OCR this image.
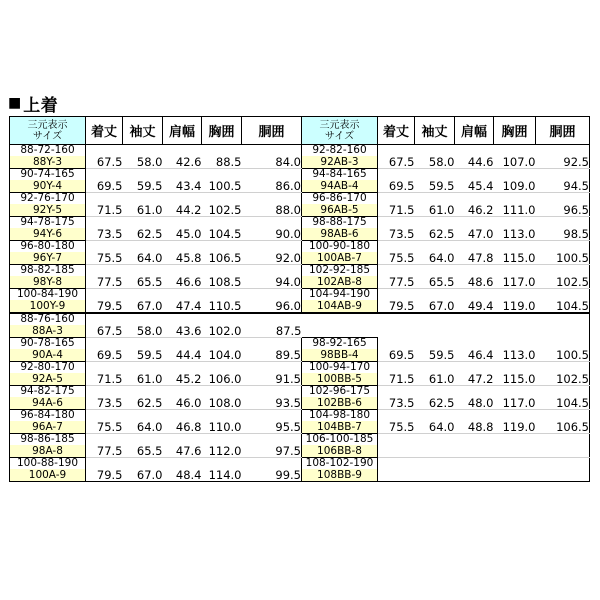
■ 上着
三元表示
サイズ	着丈	袖丈	肩幅	胸囲	胴囲	三元表示
サイズ	着丈	袖丈	肩幅	胸囲	胴囲
88-72-160						92-82-160					
88Y-3	67.5	58.0	42.6	88.5	84.0	92AB-3	67.5	58.0	44.6	107.0	92.5
90-74-165						94-84-165					
90Y-4	69.5	59.5	43.4	100.5	86.0	94AB-4	69.5	59.5	45.4	109.0	94.5
92-76-170						96-86-170					
92Y-5	71.5	61.0	44.2	102.5	88.0	96AB-5	71.5	61.0	46.2	111.0	96.5
94-78-175						98-88-175					
94Y-6	73.5	62.5	45.0	104.5	90.0	98AB-6	73.5	62.5	47.0	113.0	98.5
96-80-180						100-90-180					
96Y-7	75.5	64.0	45.8	106.5	92.0	100AB-7	75.5	64.0	47.8	115.0	100.5
98-82-185						102-92-185					
98Y-8	77.5	65.5	46.6	108.5	94.0	102AB-8	77.5	65.5	48.6	117.0	102.5
100-84-190						104-94-190					
100Y-9	79.5	67.0	47.4	110.5	96.0	104AB-9	79.5	67.0	49.4	119.0	104.5
88-76-160											
88A-3	67.5	58.0	43.6	102.0	87.5						
90-78-165						98-92-165					
90A-4	69.5	59.5	44.4	104.0	89.5	98BB-4	69.5	59.5	46.4	113.0	100.5
92-80-170						100-94-170					
92A-5	71.5	61.0	45.2	106.0	91.5	100BB-5	71.5	61.0	47.2	115.0	102.5
94-82-175						102-96-175					
94A-6	73.5	62.5	46.0	108.0	93.5	102BB-6	73.5	62.5	48.0	117.0	104.5
96-84-180						104-98-180					
96A-7	75.5	64.0	46.8	110.0	95.5	104BB-7	75.5	64.0	48.8	119.0	106.5
98-86-185						106-100-185					
98A-8	77.5	65.5	47.6	112.0	97.5	106BB-8					
100-88-190						108-102-190					
100A-9	79.5	67.0	48.4	114.0	99.5	108BB-9					
